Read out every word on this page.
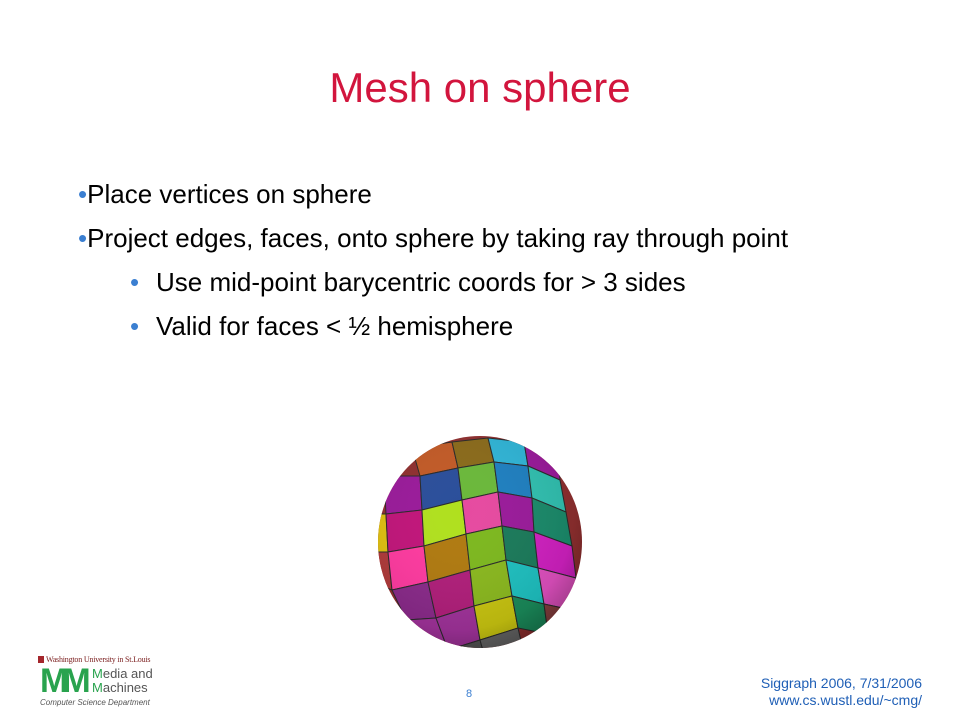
Mesh on sphere
•Place vertices on sphere
•Project edges, faces, onto sphere by taking ray through point
• Use mid-point barycentric coords for > 3 sides
• Valid for faces < ½ hemisphere
Washington University in St.Louis
MM Media and
Machines
Computer Science Department
8
Siggraph 2006, 7/31/2006
www.cs.wustl.edu/~cmg/
